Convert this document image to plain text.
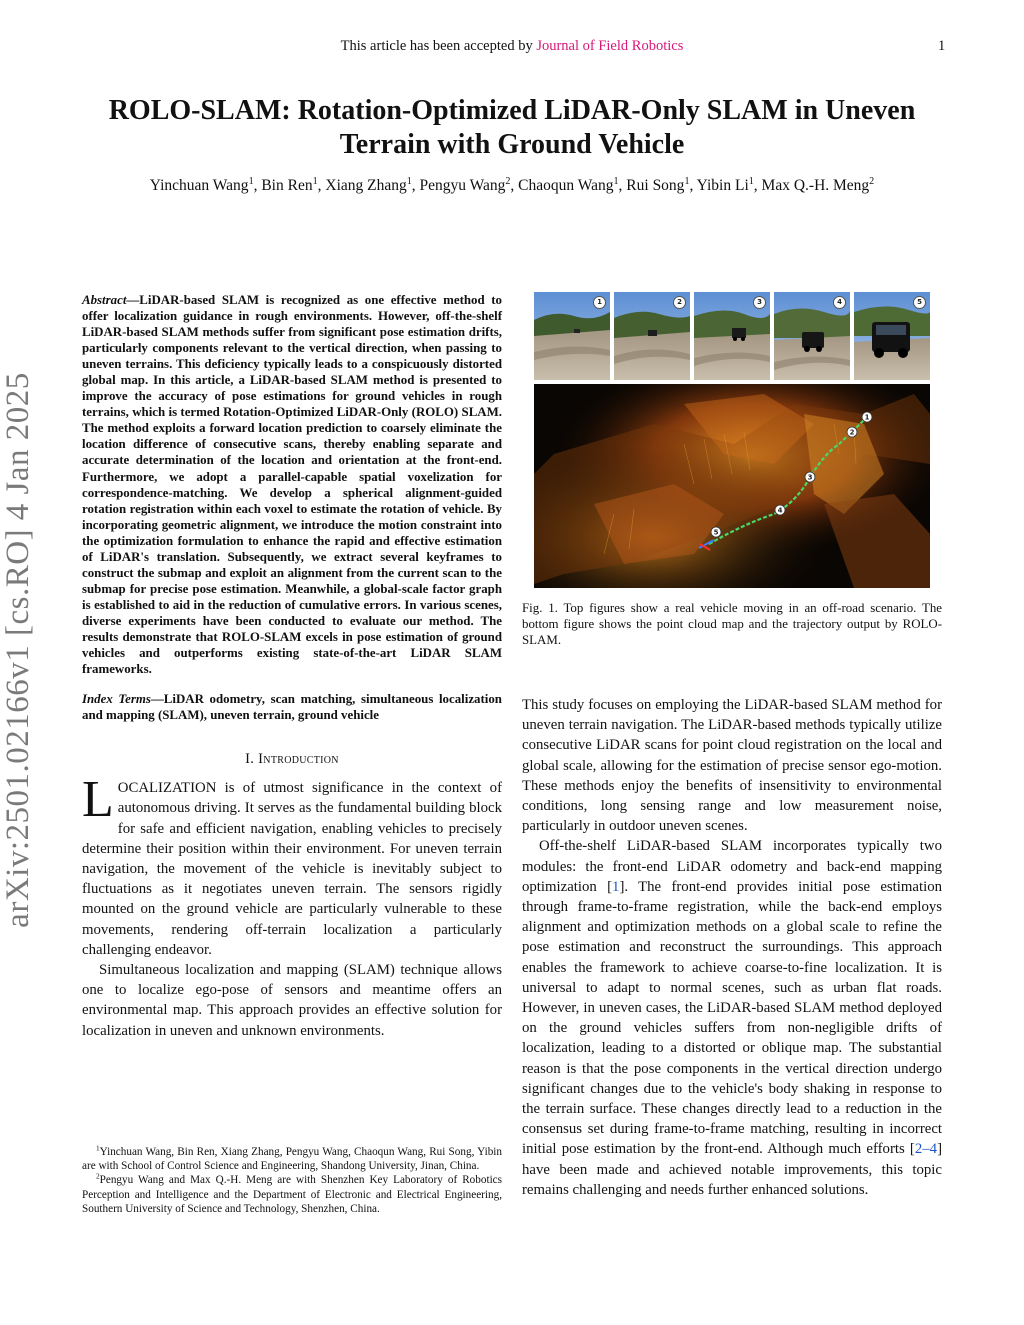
This article has been accepted by Journal of Field Robotics	1
ROLO-SLAM: Rotation-Optimized LiDAR-Only SLAM in Uneven Terrain with Ground Vehicle
Yinchuan Wang$^1$, Bin Ren$^1$, Xiang Zhang$^1$, Pengyu Wang$^2$, Chaoqun Wang$^1$, Rui Song$^1$, Yibin Li$^1$, Max Q.-H. Meng$^2$
arXiv:2501.02166v1 [cs.RO] 4 Jan 2025

Abstract—LiDAR-based SLAM is recognized as one effective method to offer localization guidance in rough environments. However, off-the-shelf LiDAR-based SLAM methods suffer from significant pose estimation drifts, particularly components relevant to the vertical direction, when passing to uneven terrains. This deficiency typically leads to a conspicuously distorted global map. In this article, a LiDAR-based SLAM method is presented to improve the accuracy of pose estimations for ground vehicles in rough terrains, which is termed Rotation-Optimized LiDAR-Only (ROLO) SLAM. The method exploits a forward location prediction to coarsely eliminate the location difference of consecutive scans, thereby enabling separate and accurate determination of the location and orientation at the front-end. Furthermore, we adopt a parallel-capable spatial voxelization for correspondence-matching. We develop a spherical alignment-guided rotation registration within each voxel to estimate the rotation of vehicle. By incorporating geometric alignment, we introduce the motion constraint into the optimization formulation to enhance the rapid and effective estimation of LiDAR's translation. Subsequently, we extract several keyframes to construct the submap and exploit an alignment from the current scan to the submap for precise pose estimation. Meanwhile, a global-scale factor graph is established to aid in the reduction of cumulative errors. In various scenes, diverse experiments have been conducted to evaluate our method. The results demonstrate that ROLO-SLAM excels in pose estimation of ground vehicles and outperforms existing state-of-the-art LiDAR SLAM frameworks.

Index Terms—LiDAR odometry, scan matching, simultaneous localization and mapping (SLAM), uneven terrain, ground vehicle

I. Introduction

LOCALIZATION is of utmost significance in the context of autonomous driving. It serves as the fundamental building block for safe and efficient navigation, enabling vehicles to precisely determine their position within their environment. For uneven terrain navigation, the movement of the vehicle is inevitably subject to fluctuations as it negotiates uneven terrain. The sensors rigidly mounted on the ground vehicle are particularly vulnerable to these movements, rendering off-terrain localization a particularly challenging endeavor.

Simultaneous localization and mapping (SLAM) technique allows one to localize ego-pose of sensors and meantime offers an environmental map. This approach provides an effective solution for localization in uneven and unknown environments.

$^1$Yinchuan Wang, Bin Ren, Xiang Zhang, Pengyu Wang, Chaoqun Wang, Rui Song, Yibin are with School of Control Science and Engineering, Shandong University, Jinan, China.

$^2$Pengyu Wang and Max Q.-H. Meng are with Shenzhen Key Laboratory of Robotics Perception and Intelligence and the Department of Electronic and Electrical Engineering, Southern University of Science and Technology, Shenzhen, China.

1	2	3	4	5
1
2
3
4
5
Fig. 1. Top figures show a real vehicle moving in an off-road scenario. The bottom figure shows the point cloud map and the trajectory output by ROLO-SLAM.

This study focuses on employing the LiDAR-based SLAM method for uneven terrain navigation. The LiDAR-based methods typically utilize consecutive LiDAR scans for point cloud registration on the local and global scale, allowing for the estimation of precise sensor ego-motion. These methods enjoy the benefits of insensitivity to environmental conditions, long sensing range and low measurement noise, particularly in outdoor uneven scenes.

Off-the-shelf LiDAR-based SLAM incorporates typically two modules: the front-end LiDAR odometry and back-end mapping optimization [1]. The front-end provides initial pose estimation through frame-to-frame registration, while the back-end employs alignment and optimization methods on a global scale to refine the pose estimation and reconstruct the surroundings. This approach enables the framework to achieve coarse-to-fine localization. It is universal to adapt to normal scenes, such as urban flat roads. However, in uneven cases, the LiDAR-based SLAM method deployed on the ground vehicles suffers from non-negligible drifts of localization, leading to a distorted or oblique map. The substantial reason is that the pose components in the vertical direction undergo significant changes due to the vehicle's body shaking in response to the terrain surface. These changes directly lead to a reduction in the consensus set during frame-to-frame matching, resulting in incorrect initial pose estimation by the front-end. Although much efforts [2–4] have been made and achieved notable improvements, this topic remains challenging and needs further enhanced solutions.
